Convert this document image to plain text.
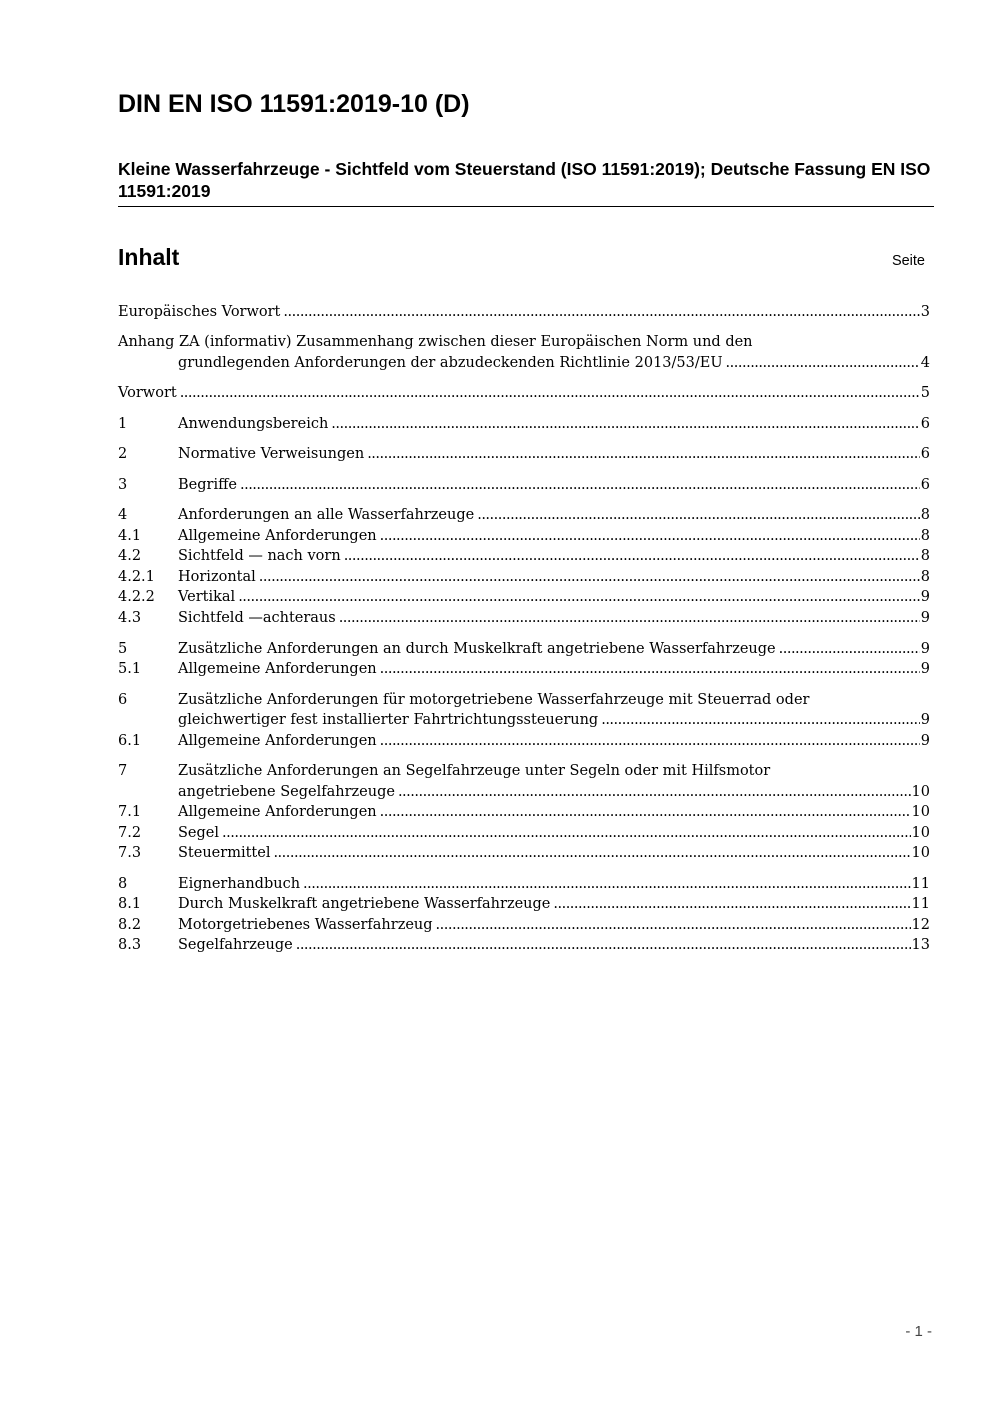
DIN EN ISO 11591:2019-10 (D)
Kleine Wasserfahrzeuge - Sichtfeld vom Steuerstand (ISO 11591:2019); Deutsche Fassung EN ISO 11591:2019
Inhalt	Seite
Europäisches Vorwort .....	3
Anhang ZA (informativ) Zusammenhang zwischen dieser Europäischen Norm und den
grundlegenden Anforderungen der abzudeckenden Richtlinie 2013/53/EU .....	4
Vorwort .....	5
1	Anwendungsbereich .....	6
2	Normative Verweisungen .....	6
3	Begriffe .....	6
4	Anforderungen an alle Wasserfahrzeuge .....	8
4.1	Allgemeine Anforderungen .....	8
4.2	Sichtfeld — nach vorn .....	8
4.2.1 Horizontal .....	8
4.2.2 Vertikal .....	9
4.3	Sichtfeld —achteraus .....	9
5	Zusätzliche Anforderungen an durch Muskelkraft angetriebene Wasserfahrzeuge .....	9
5.1	Allgemeine Anforderungen .....	9
6	Zusätzliche Anforderungen für motorgetriebene Wasserfahrzeuge mit Steuerrad oder
gleichwertiger fest installierter Fahrtrichtungssteuerung .....	9
6.1	Allgemeine Anforderungen .....	9
7	Zusätzliche Anforderungen an Segelfahrzeuge unter Segeln oder mit Hilfsmotor
angetriebene Segelfahrzeuge .....	10
7.1	Allgemeine Anforderungen .....	10
7.2	Segel .....	10
7.3	Steuermittel .....	10
8	Eignerhandbuch .....	11
8.1	Durch Muskelkraft angetriebene Wasserfahrzeuge .....	11
8.2	Motorgetriebenes Wasserfahrzeug .....	12
8.3	Segelfahrzeuge .....	13
- 1 -
